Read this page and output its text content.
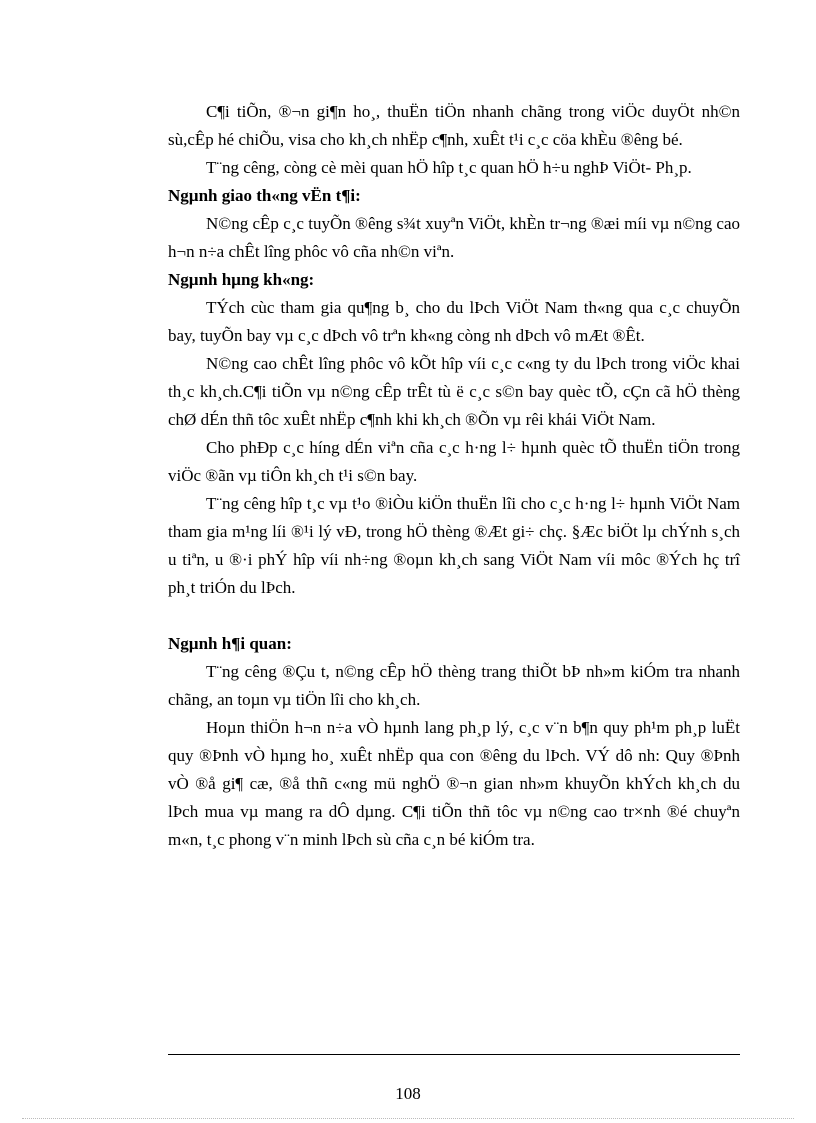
C¶i tiÕn, ®¬n gi¶n ho¸, thuËn tiÖn nhanh chãng trong viÖc duyÖt nh©n sù,cÊp hé chiÕu, visa cho kh¸ch nhËp c¶nh, xuÊt t¹i c¸c cöa khÈu ®êng bé.

T¨ng cêng, còng cè mèi quan hÖ hîp t¸c quan hÖ h÷u nghÞ ViÖt- Ph¸p.

Ngµnh giao th«ng vËn t¶i:

N©ng cÊp c¸c tuyÕn ®êng s¾t xuyªn ViÖt, khÈn tr¬ng ®æi míi vµ n©ng cao h¬n n÷a chÊt lîng phôc vô cña nh©n viªn.

Ngµnh hµng kh«ng:

TÝch cùc tham gia qu¶ng b¸ cho du lÞch ViÖt Nam th«ng qua c¸c chuyÕn bay, tuyÕn bay vµ c¸c dÞch vô trªn kh«ng còng nh dÞch vô mÆt ®Êt.

N©ng cao chÊt lîng phôc vô kÕt hîp víi c¸c c«ng ty du lÞch trong viÖc khai th¸c kh¸ch.C¶i tiÕn vµ n©ng cÊp trÊt tù ë c¸c s©n bay quèc tÕ, cÇn cã hÖ thèng chØ dÉn thñ tôc xuÊt nhËp c¶nh khi kh¸ch ®Õn vµ rêi khái ViÖt Nam.

Cho phÐp c¸c híng dÉn viªn cña c¸c h·ng l÷ hµnh quèc tÕ thuËn tiÖn trong viÖc ®ãn vµ tiÔn kh¸ch t¹i s©n bay.

T¨ng cêng hîp t¸c vµ t¹o ®iÒu kiÖn thuËn lîi cho c¸c h·ng l÷ hµnh ViÖt Nam tham gia m¹ng líi ®¹i lý vÐ, trong hÖ thèng ®Æt gi÷ chç. §Æc biÖt lµ chÝnh s¸ch u tiªn, u ®·i phÝ hîp víi nh÷ng ®oµn kh¸ch sang ViÖt Nam víi môc ®Ých hç trî ph¸t triÓn du lÞch.

Ngµnh h¶i quan:

T¨ng cêng ®Çu t, n©ng cÊp hÖ thèng trang thiÕt bÞ nh»m kiÓm tra nhanh chãng, an toµn vµ tiÖn lîi cho kh¸ch.

Hoµn thiÖn h¬n n÷a vÒ hµnh lang ph¸p lý, c¸c v¨n b¶n quy ph¹m ph¸p luËt quy ®Þnh vÒ hµng ho¸ xuÊt nhËp qua con ®êng du lÞch. VÝ dô nh: Quy ®Þnh vÒ ®å gi¶ cæ, ®å thñ c«ng mü nghÖ ®¬n gian nh»m khuyÕn khÝch kh¸ch du lÞch mua vµ mang ra dÔ dµng. C¶i tiÕn thñ tôc vµ n©ng cao tr×nh ®é chuyªn m«n, t¸c phong v¨n minh lÞch sù cña c¸n bé kiÓm tra.

108
